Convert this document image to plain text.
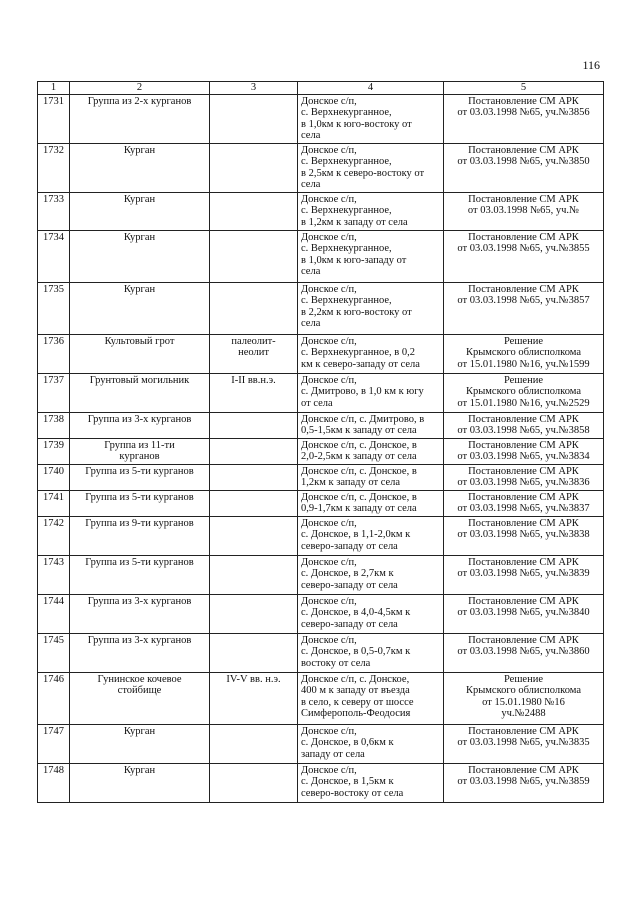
116
1	2	3	4	5
1731	Группа из 2-х курганов		Донское с/п,
с. Верхнекурганное,
в 1,0км к юго-востоку от
села	Постановление СМ АРК
от 03.03.1998 №65, уч.№3856

1732	Курган		Донское с/п,
с. Верхнекурганное,
в 2,5км к северо-востоку от
села	Постановление СМ АРК
от 03.03.1998 №65, уч.№3850

1733	Курган		Донское с/п,
с. Верхнекурганное,
в 1,2км к западу от села	Постановление СМ АРК
от 03.03.1998 №65, уч.№

1734	Курган		Донское с/п,
с. Верхнекурганное,
в 1,0км к юго-западу от
села	Постановление СМ АРК
от 03.03.1998 №65, уч.№3855

1735	Курган		Донское с/п,
с. Верхнекурганное,
в 2,2км к юго-востоку от
села	Постановление СМ АРК
от 03.03.1998 №65, уч.№3857

1736	Культовый грот	палеолит-
неолит	Донское с/п,
с. Верхнекурганное, в 0,2
км к северо-западу от села	Решение
Крымского облисполкома
от 15.01.1980 №16, уч.№1599

1737	Грунтовый могильник	I-II вв.н.э.	Донское с/п,
с. Дмитрово, в 1,0 км к югу
от села	Решение
Крымского облисполкома
от 15.01.1980 №16, уч.№2529

1738	Группа из 3-х курганов		Донское с/п, с. Дмитрово, в
0,5-1,5км к западу от села	Постановление СМ АРК
от 03.03.1998 №65, уч.№3858

1739	Группа из 11-ти
курганов		Донское с/п, с. Донское, в
2,0-2,5км к западу от села	Постановление СМ АРК
от 03.03.1998 №65, уч.№3834

1740	Группа из 5-ти курганов		Донское с/п, с. Донское, в
1,2км к западу от села	Постановление СМ АРК
от 03.03.1998 №65, уч.№3836

1741	Группа из 5-ти курганов		Донское с/п, с. Донское, в
0,9-1,7км к западу от села	Постановление СМ АРК
от 03.03.1998 №65, уч.№3837

1742	Группа из 9-ти курганов		Донское с/п,
с. Донское, в 1,1-2,0км к
северо-западу от села	Постановление СМ АРК
от 03.03.1998 №65, уч.№3838

1743	Группа из 5-ти курганов		Донское с/п,
с. Донское, в 2,7км к
северо-западу от села	Постановление СМ АРК
от 03.03.1998 №65, уч.№3839

1744	Группа из 3-х курганов		Донское с/п,
с. Донское, в 4,0-4,5км к
северо-западу от села	Постановление СМ АРК
от 03.03.1998 №65, уч.№3840

1745	Группа из 3-х курганов		Донское с/п,
с. Донское, в 0,5-0,7км к
востоку от села	Постановление СМ АРК
от 03.03.1998 №65, уч.№3860

1746	Гунинское кочевое
стойбище	IV-V вв. н.э.	Донское с/п, с. Донское,
400 м к западу от въезда
в село, к северу от шоссе
Симферополь-Феодосия	Решение
Крымского облисполкома
от 15.01.1980 №16
уч.№2488

1747	Курган		Донское с/п,
с. Донское, в 0,6км к
западу от села	Постановление СМ АРК
от 03.03.1998 №65, уч.№3835

1748	Курган		Донское с/п,
с. Донское, в 1,5км к
северо-востоку от села	Постановление СМ АРК
от 03.03.1998 №65, уч.№3859
